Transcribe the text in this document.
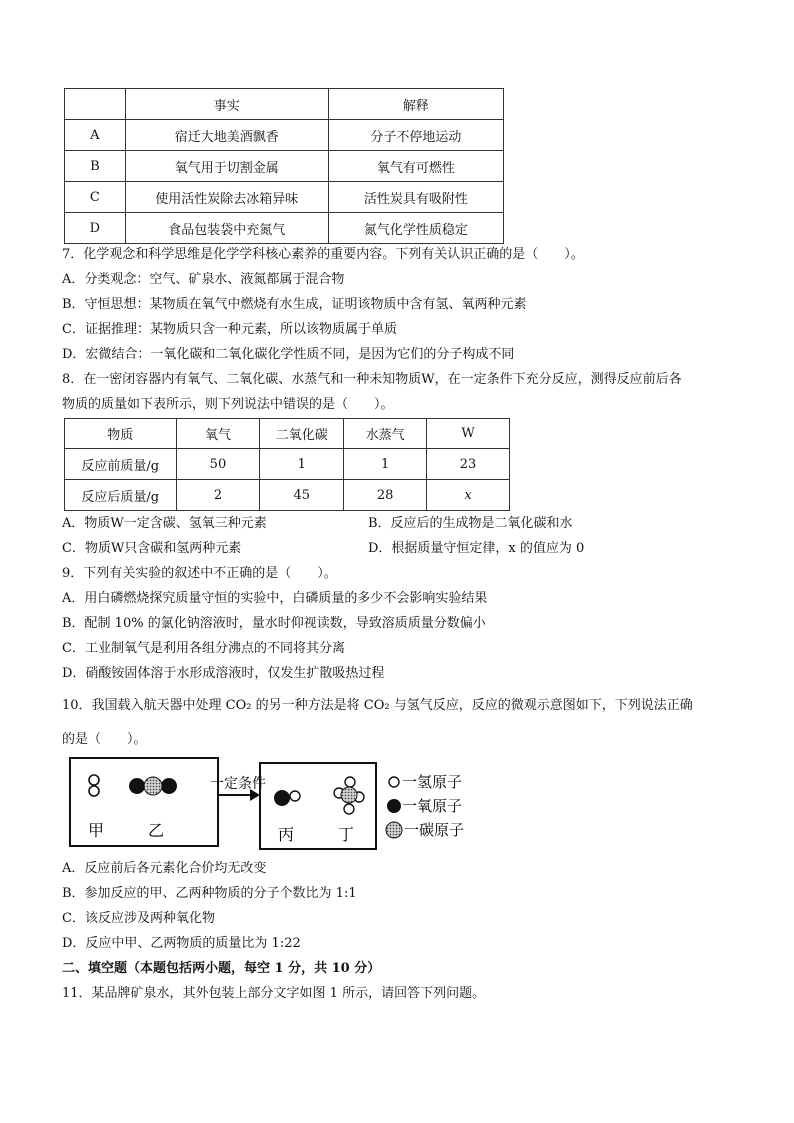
	事实	解释
A	宿迁大地美酒飘香	分子不停地运动
B	氧气用于切割金属	氧气有可燃性
C	使用活性炭除去冰箱异味	活性炭具有吸附性
D	食品包装袋中充氮气	氮气化学性质稳定
7．化学观念和科学思维是化学学科核心素养的重要内容。下列有关认识正确的是（　　）。
A．分类观念：空气、矿泉水、液氮都属于混合物
B．守恒思想：某物质在氧气中燃烧有水生成，证明该物质中含有氢、氧两种元素
C．证据推理：某物质只含一种元素，所以该物质属于单质
D．宏微结合：一氧化碳和二氧化碳化学性质不同，是因为它们的分子构成不同
8．在一密闭容器内有氧气、二氧化碳、水蒸气和一种未知物质W，在一定条件下充分反应，测得反应前后各
物质的质量如下表所示，则下列说法中错误的是（　　）。
物质	氧气	二氧化碳	水蒸气	W
反应前质量/g	50	1	1	23
反应后质量/g	2	45	28	x
A．物质W一定含碳、氢氧三种元素	B．反应后的生成物是二氧化碳和水
C．物质W只含碳和氢两种元素	D．根据质量守恒定律，x 的值应为 0
9．下列有关实验的叙述中不正确的是（　　）。
A．用白磷燃烧探究质量守恒的实验中，白磷质量的多少不会影响实验结果
B．配制 10% 的氯化钠溶液时，量水时仰视读数，导致溶质质量分数偏小
C．工业制氧气是利用各组分沸点的不同将其分离
D．硝酸铵固体溶于水形成溶液时，仅发生扩散吸热过程
10．我国载入航天器中处理 CO₂ 的另一种方法是将 CO₂ 与氢气反应，反应的微观示意图如下，下列说法正确
的是（　　）。
甲	乙
一定条件
丙	丁
一氢原子
一氧原子
一碳原子
A．反应前后各元素化合价均无改变
B．参加反应的甲、乙两种物质的分子个数比为 1:1
C．该反应涉及两种氧化物
D．反应中甲、乙两物质的质量比为 1:22
二、填空题（本题包括两小题，每空 1 分，共 10 分）
11．某品牌矿泉水，其外包装上部分文字如图 1 所示，请回答下列问题。
